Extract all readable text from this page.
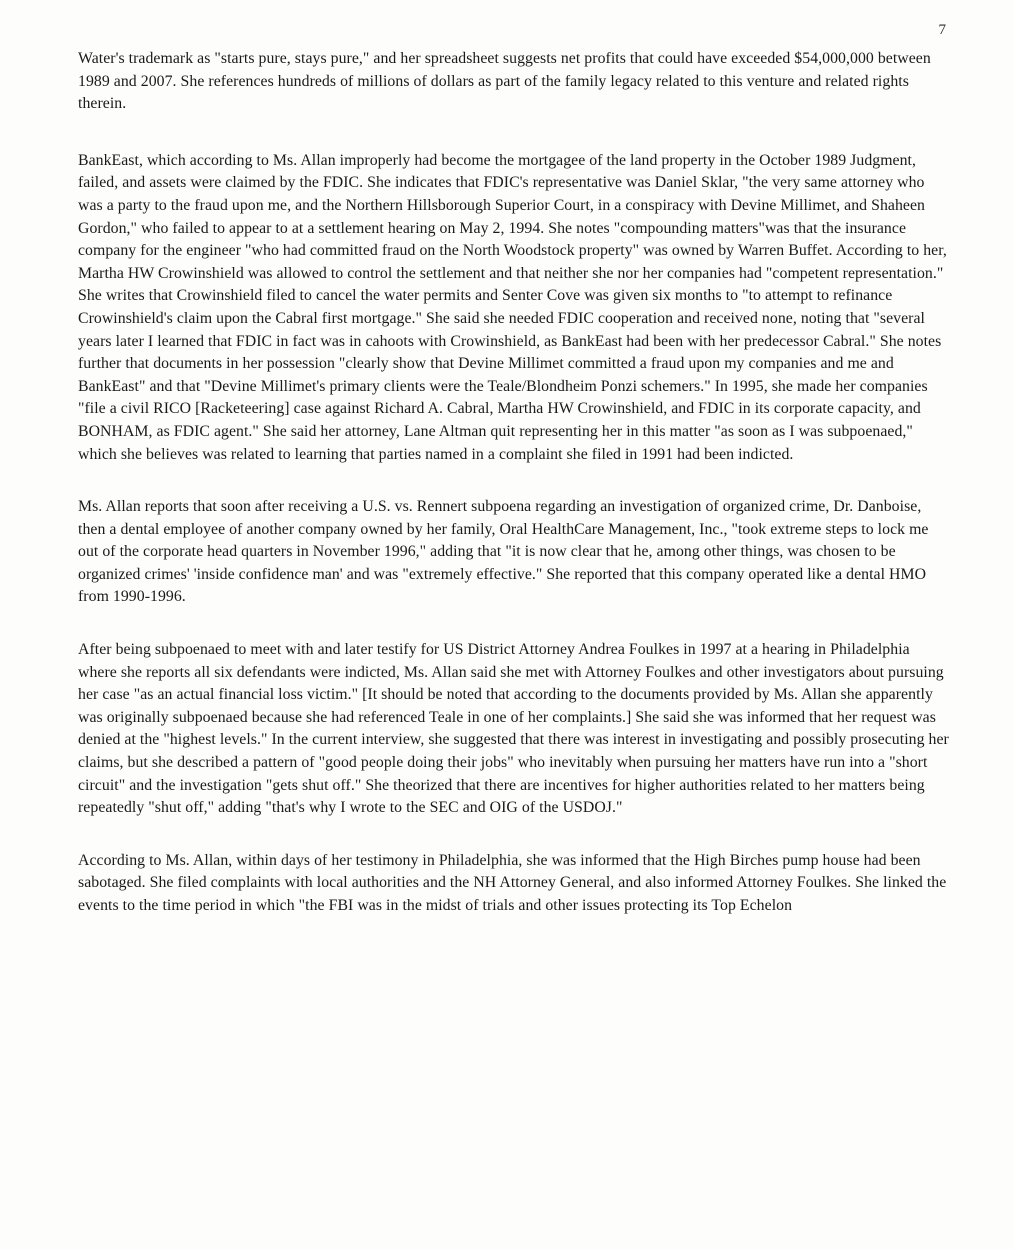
7

Water's trademark as "starts pure, stays pure," and her spreadsheet suggests net profits that could have exceeded $54,000,000 between 1989 and 2007. She references hundreds of millions of dollars as part of the family legacy related to this venture and related rights therein.

BankEast, which according to Ms. Allan improperly had become the mortgagee of the land property in the October 1989 Judgment, failed, and assets were claimed by the FDIC. She indicates that FDIC's representative was Daniel Sklar, "the very same attorney who was a party to the fraud upon me, and the Northern Hillsborough Superior Court, in a conspiracy with Devine Millimet, and Shaheen Gordon," who failed to appear to at a settlement hearing on May 2, 1994. She notes "compounding matters"was that the insurance company for the engineer "who had committed fraud on the North Woodstock property" was owned by Warren Buffet. According to her, Martha HW Crowinshield was allowed to control the settlement and that neither she nor her companies had "competent representation." She writes that Crowinshield filed to cancel the water permits and Senter Cove was given six months to "to attempt to refinance Crowinshield's claim upon the Cabral first mortgage." She said she needed FDIC cooperation and received none, noting that "several years later I learned that FDIC in fact was in cahoots with Crowinshield, as BankEast had been with her predecessor Cabral." She notes further that documents in her possession "clearly show that Devine Millimet committed a fraud upon my companies and me and BankEast" and that "Devine Millimet's primary clients were the Teale/Blondheim Ponzi schemers." In 1995, she made her companies "file a civil RICO [Racketeering] case against Richard A. Cabral, Martha HW Crowinshield, and FDIC in its corporate capacity, and BONHAM, as FDIC agent." She said her attorney, Lane Altman quit representing her in this matter "as soon as I was subpoenaed," which she believes was related to learning that parties named in a complaint she filed in 1991 had been indicted.

Ms. Allan reports that soon after receiving a U.S. vs. Rennert subpoena regarding an investigation of organized crime, Dr. Danboise, then a dental employee of another company owned by her family, Oral HealthCare Management, Inc., "took extreme steps to lock me out of the corporate head quarters in November 1996," adding that "it is now clear that he, among other things, was chosen to be organized crimes' 'inside confidence man' and was "extremely effective." She reported that this company operated like a dental HMO from 1990-1996.

After being subpoenaed to meet with and later testify for US District Attorney Andrea Foulkes in 1997 at a hearing in Philadelphia where she reports all six defendants were indicted, Ms. Allan said she met with Attorney Foulkes and other investigators about pursuing her case "as an actual financial loss victim." [It should be noted that according to the documents provided by Ms. Allan she apparently was originally subpoenaed because she had referenced Teale in one of her complaints.] She said she was informed that her request was denied at the "highest levels." In the current interview, she suggested that there was interest in investigating and possibly prosecuting her claims, but she described a pattern of "good people doing their jobs" who inevitably when pursuing her matters have run into a "short circuit" and the investigation "gets shut off." She theorized that there are incentives for higher authorities related to her matters being repeatedly "shut off," adding "that's why I wrote to the SEC and OIG of the USDOJ."

According to Ms. Allan, within days of her testimony in Philadelphia, she was informed that the High Birches pump house had been sabotaged. She filed complaints with local authorities and the NH Attorney General, and also informed Attorney Foulkes. She linked the events to the time period in which "the FBI was in the midst of trials and other issues protecting its Top Echelon
